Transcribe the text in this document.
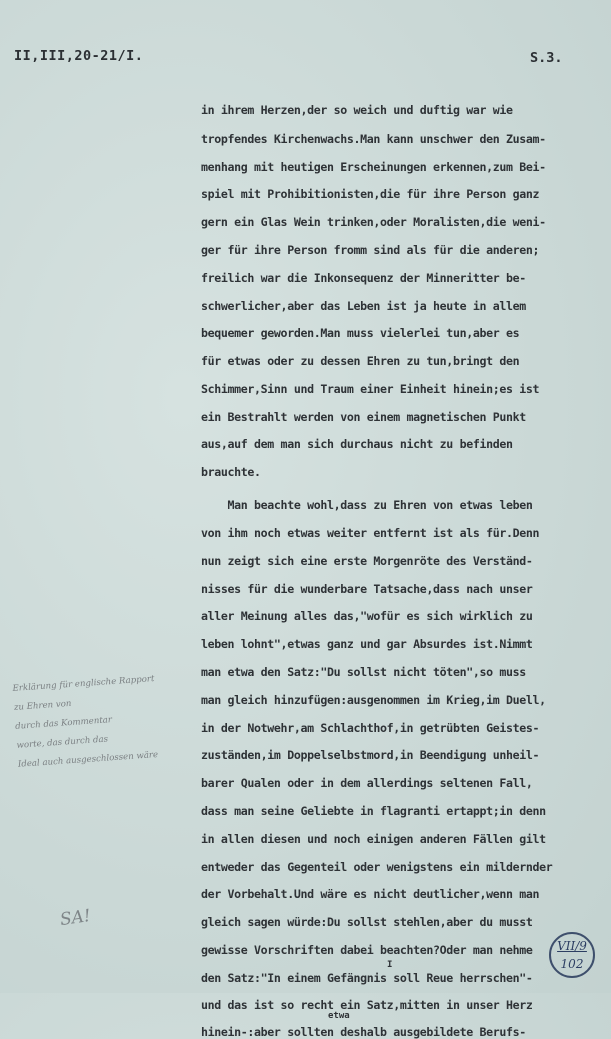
II,III,20-21/I.	S.3.
in ihrem Herzen,der so weich und duftig war wie
tropfendes Kirchenwachs.Man kann unschwer den Zusam-
menhang mit heutigen Erscheinungen erkennen,zum Bei-
spiel mit Prohibitionisten,die für ihre Person ganz
gern ein Glas Wein trinken,oder Moralisten,die weni-
ger für ihre Person fromm sind als für die anderen;
freilich war die Inkonsequenz der Minneritter be-
schwerlicher,aber das Leben ist ja heute in allem
bequemer geworden.Man muss vielerlei tun,aber es
für etwas oder zu dessen Ehren zu tun,bringt den
Schimmer,Sinn und Traum einer Einheit hinein;es ist
ein Bestrahlt werden von einem magnetischen Punkt
aus,auf dem man sich durchaus nicht zu befinden
brauchte.
Man beachte wohl,dass zu Ehren von etwas leben
von ihm noch etwas weiter entfernt ist als für.Denn
nun zeigt sich eine erste Morgenröte des Verständ-
nisses für die wunderbare Tatsache,dass nach unser
aller Meinung alles das,"wofür es sich wirklich zu
leben lohnt",etwas ganz und gar Absurdes ist.Nimmt
man etwa den Satz:"Du sollst nicht töten",so muss
man gleich hinzufügen:ausgenommen im Krieg,im Duell,
in der Notwehr,am Schlachthof,in getrübten Geistes-
zuständen,im Doppelselbstmord,in Beendigung unheil-
barer Qualen oder in dem allerdings seltenen Fall,
dass man seine Geliebte in flagranti ertappt;in denn
in allen diesen und noch einigen anderen Fällen gilt
entweder das Gegenteil oder wenigstens ein mildernder
der Vorbehalt.Und wäre es nicht deutlicher,wenn man
gleich sagen würde:Du sollst stehlen,aber du musst
gewisse Vorschriften dabei beachten?Oder man nehme
den Satz:"In einem Gefängnis soll Reue herrschen"-
und das ist so recht ein Satz,mitten in unser Herz
hinein-:aber sollten deshalb ausgebildete Berufs-
I
etwa
Erklärung für englische Rapport
zu Ehren von
durch das Kommentar
worte, das durch das
Ideal auch ausgeschlossen wäre
SA!
VII/9
102
